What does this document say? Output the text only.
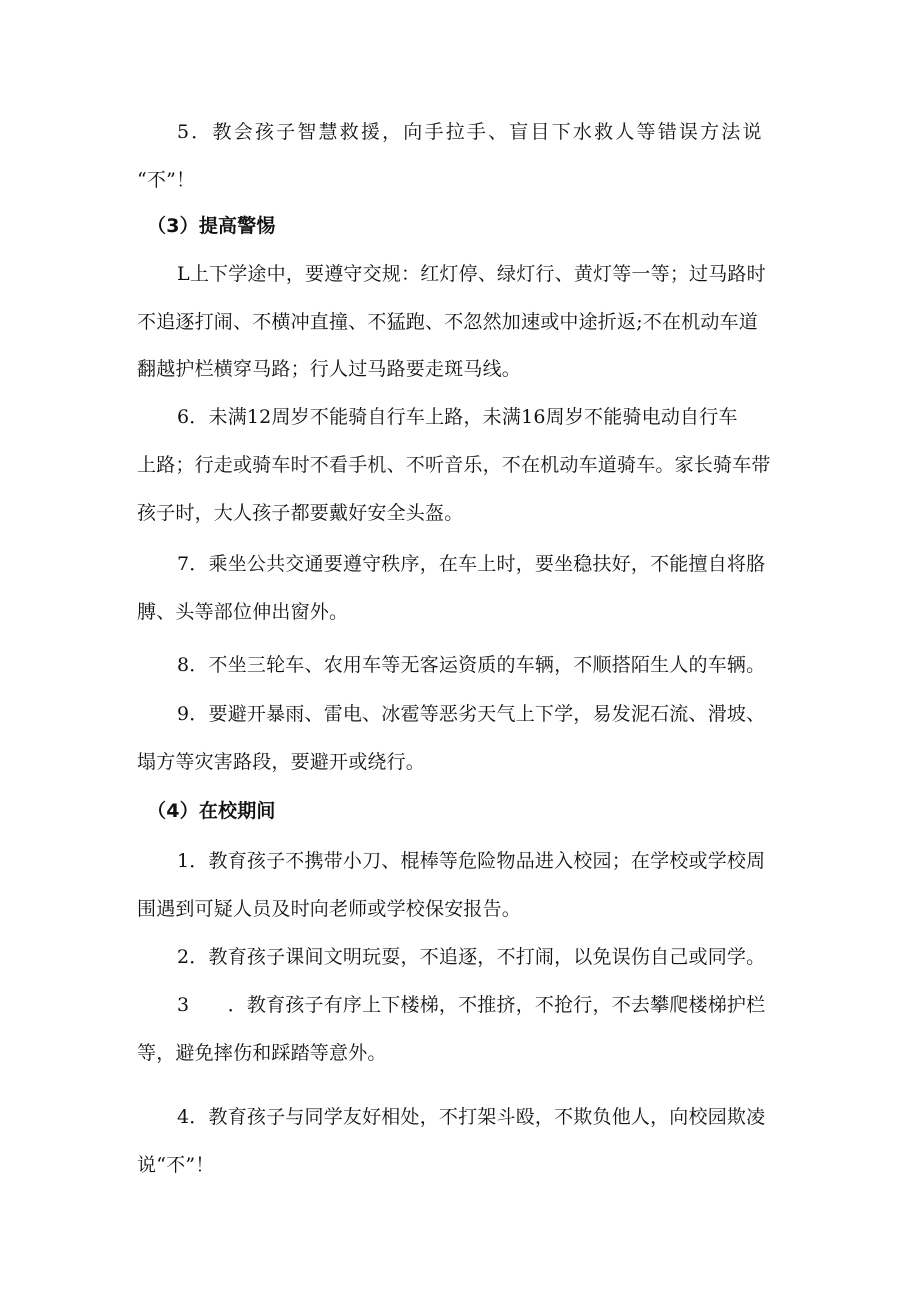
5．教会孩子智慧救援，向手拉手、盲目下水救人等错误方法说
“不”！
（3）提高警惕
L上下学途中，要遵守交规：红灯停、绿灯行、黄灯等一等；过马路时
不追逐打闹、不横冲直撞、不猛跑、不忽然加速或中途折返;不在机动车道
翻越护栏横穿马路；行人过马路要走斑马线。
6．未满12周岁不能骑自行车上路，未满16周岁不能骑电动自行车
上路；行走或骑车时不看手机、不听音乐，不在机动车道骑车。家长骑车带
孩子时，大人孩子都要戴好安全头盔。
7．乘坐公共交通要遵守秩序，在车上时，要坐稳扶好，不能擅自将胳
膊、头等部位伸出窗外。
8．不坐三轮车、农用车等无客运资质的车辆，不顺搭陌生人的车辆。
9．要避开暴雨、雷电、冰雹等恶劣天气上下学，易发泥石流、滑坡、
塌方等灾害路段，要避开或绕行。
（4）在校期间
1．教育孩子不携带小刀、棍棒等危险物品进入校园；在学校或学校周
围遇到可疑人员及时向老师或学校保安报告。
2．教育孩子课间文明玩耍，不追逐，不打闹，以免误伤自己或同学。
3　　．教育孩子有序上下楼梯，不推挤，不抢行，不去攀爬楼梯护栏
等，避免摔伤和踩踏等意外。
4．教育孩子与同学友好相处，不打架斗殴，不欺负他人，向校园欺凌
说“不”！
